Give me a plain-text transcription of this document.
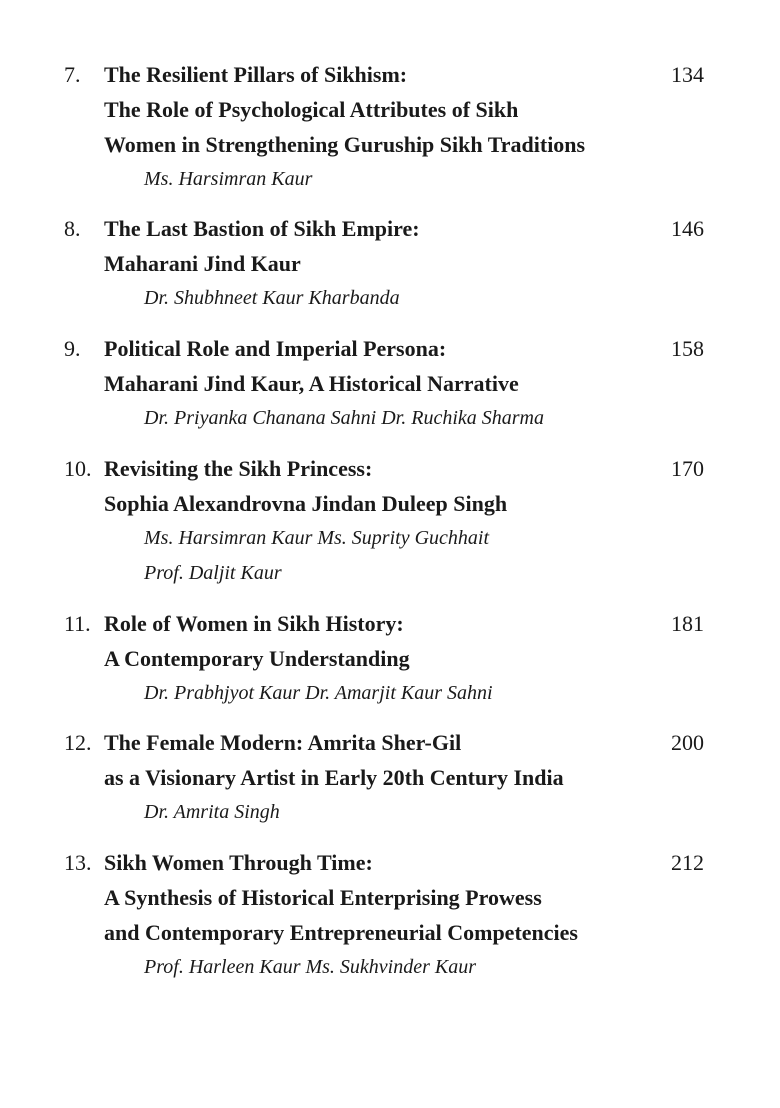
7. The Resilient Pillars of Sikhism:	134
The Role of Psychological Attributes of Sikh
Women in Strengthening Guruship Sikh Traditions
Ms. Harsimran Kaur
8. The Last Bastion of Sikh Empire:	146
Maharani Jind Kaur
Dr. Shubhneet Kaur Kharbanda
9. Political Role and Imperial Persona:	158
Maharani Jind Kaur, A Historical Narrative
Dr. Priyanka Chanana Sahni Dr. Ruchika Sharma
10. Revisiting the Sikh Princess:	170
Sophia Alexandrovna Jindan Duleep Singh
Ms. Harsimran Kaur Ms. Suprity Guchhait
Prof. Daljit Kaur
11. Role of Women in Sikh History:	181
A Contemporary Understanding
Dr. Prabhjyot Kaur Dr. Amarjit Kaur Sahni
12. The Female Modern: Amrita Sher-Gil	200
as a Visionary Artist in Early 20th Century India
Dr. Amrita Singh
13. Sikh Women Through Time:	212
A Synthesis of Historical Enterprising Prowess
and Contemporary Entrepreneurial Competencies
Prof. Harleen Kaur Ms. Sukhvinder Kaur
